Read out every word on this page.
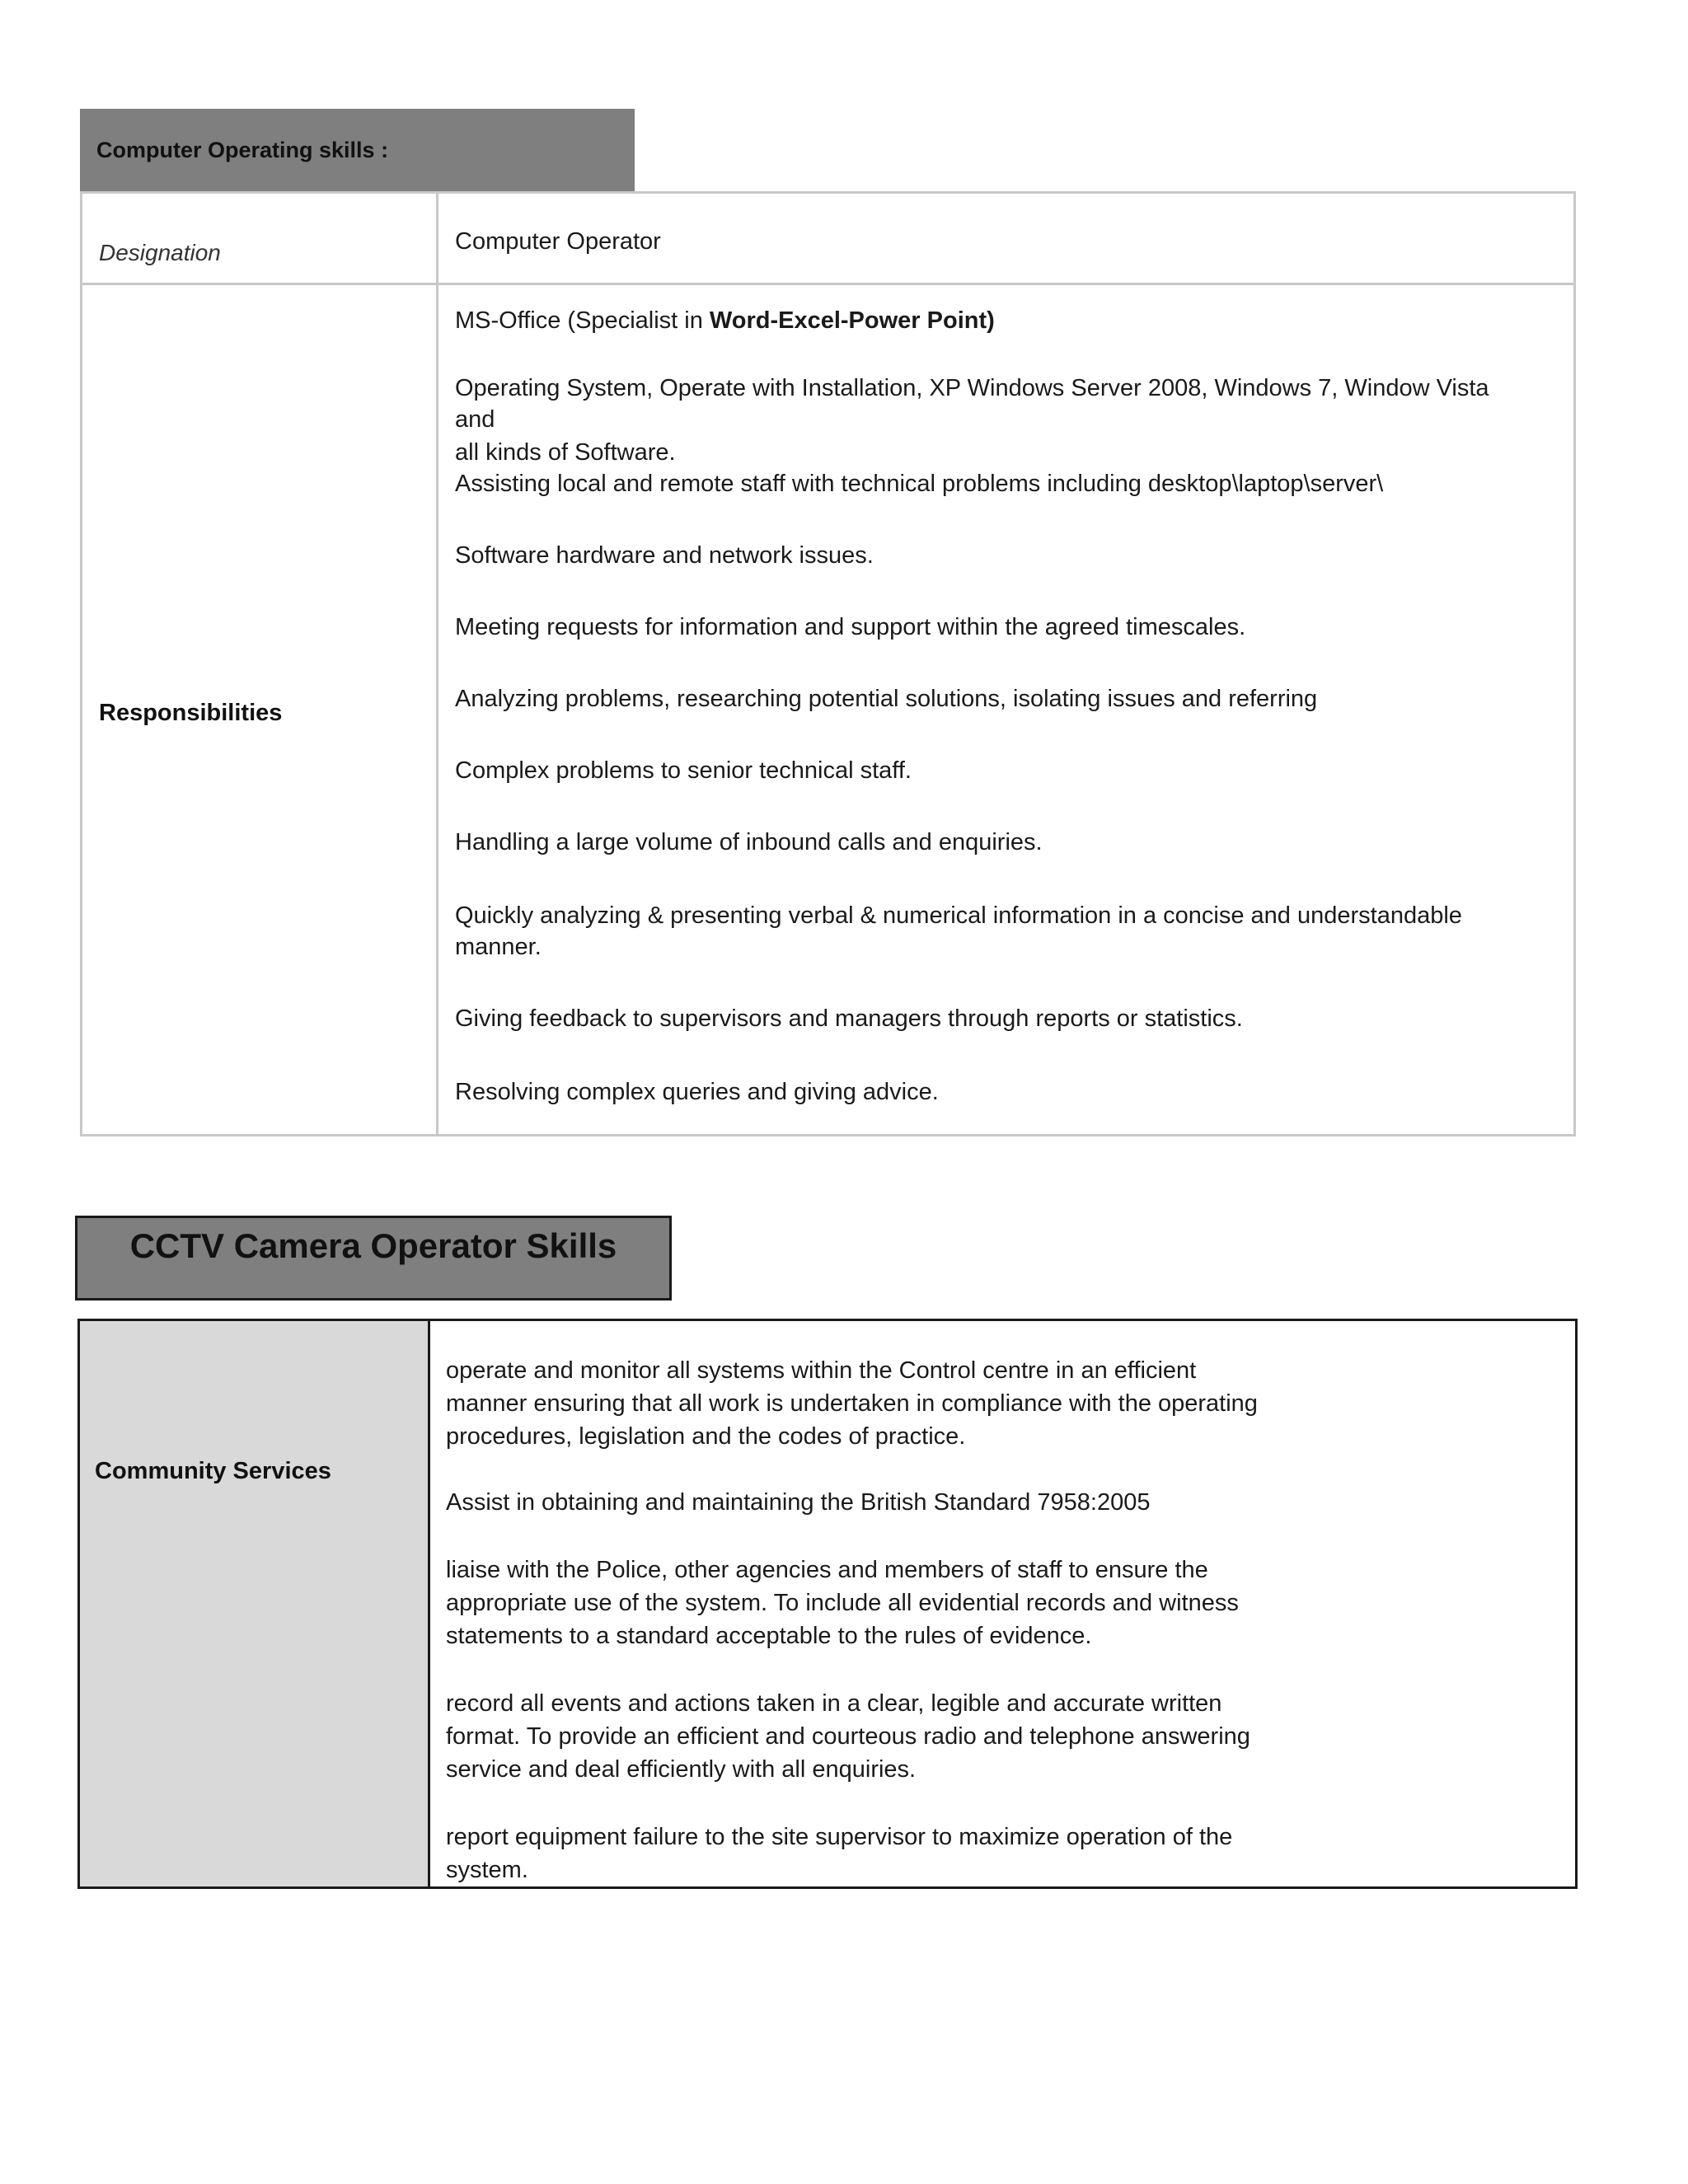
Computer Operating skills :
Designation	Computer Operator
Responsibilities
MS-Office (Specialist in Word-Excel-Power Point)
Operating System, Operate with Installation, XP Windows Server 2008, Windows 7, Window Vista
and
all kinds of Software.
Assisting local and remote staff with technical problems including desktop\laptop\server\
Software hardware and network issues.
Meeting requests for information and support within the agreed timescales.
Analyzing problems, researching potential solutions, isolating issues and referring
Complex problems to senior technical staff.
Handling a large volume of inbound calls and enquiries.
Quickly analyzing & presenting verbal & numerical information in a concise and understandable
manner.
Giving feedback to supervisors and managers through reports or statistics.
Resolving complex queries and giving advice.
CCTV Camera Operator Skills
Community Services
operate and monitor all systems within the Control centre in an efficient
manner ensuring that all work is undertaken in compliance with the operating
procedures, legislation and the codes of practice.
Assist in obtaining and maintaining the British Standard 7958:2005
liaise with the Police, other agencies and members of staff to ensure the
appropriate use of the system. To include all evidential records and witness
statements to a standard acceptable to the rules of evidence.
record all events and actions taken in a clear, legible and accurate written
format. To provide an efficient and courteous radio and telephone answering
service and deal efficiently with all enquiries.
report equipment failure to the site supervisor to maximize operation of the
system.
